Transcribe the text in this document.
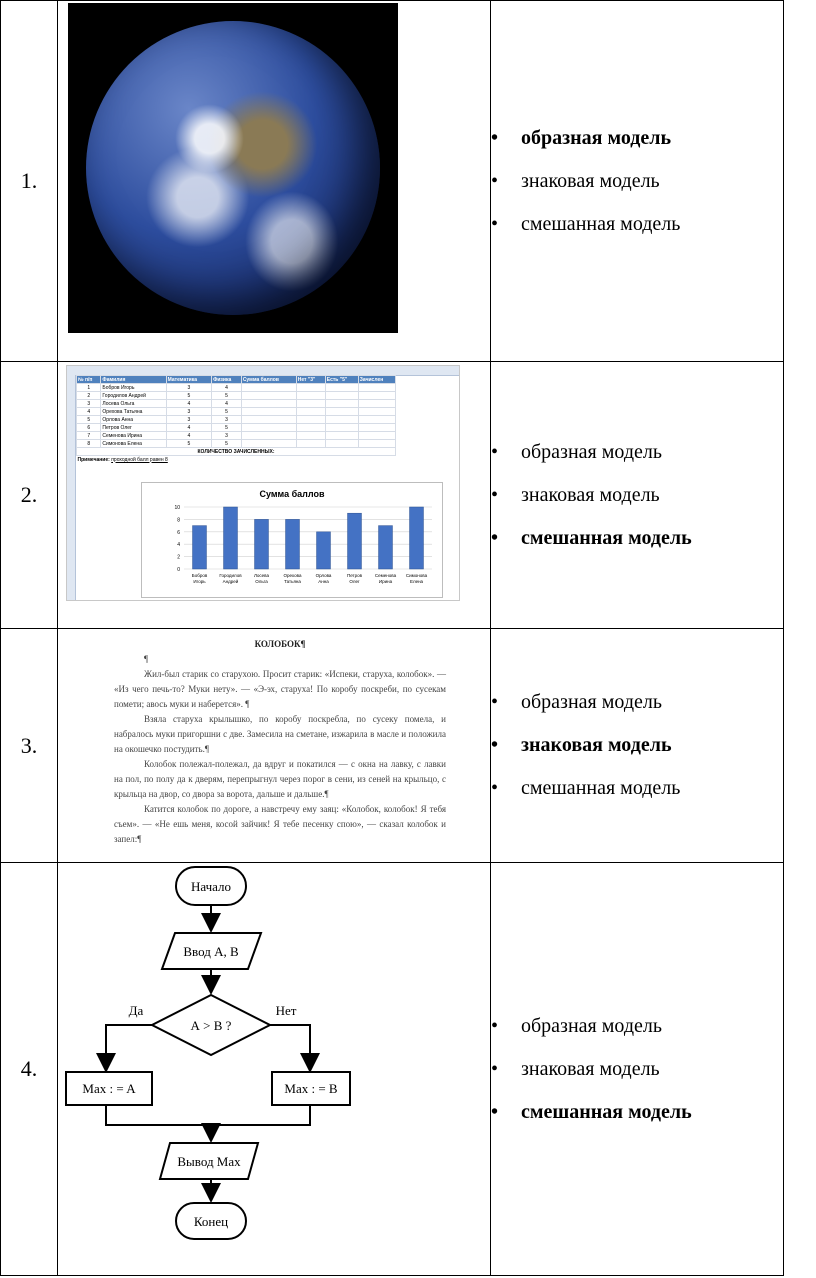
1.	

• образная модель
• знаковая модель
• смешанная модель

2.	
№ п/п	Фамилия	Математика	Физика	Сумма баллов	Нет "3"	Есть "5"	Зачислен
1	Бобров Игорь	3	4				
2	Городилов Андрей	5	5				
3	Лосева Ольга	4	4				
4	Орехова Татьяна	3	5				
5	Орлова Анна	3	3				
6	Петров Олег	4	5				
7	Семенова Ирина	4	3				
8	Симонова Елена	5	5				
КОЛИЧЕСТВО ЗАЧИСЛЕННЫХ:
Примечание: проходной балл равен 8
Сумма баллов
0
2
4
6
8
10
Бобров
Игорь
Городилов
Андрей
Лосева
Ольга
Орехова
Татьяна
Орлова
Анна
Петров
Олег
Семенова
Ирина
Симонова
Елена

• образная модель
• знаковая модель
• смешанная модель

3.	
КОЛОБОК¶

¶

Жил-был старик со старухою. Просит старик: «Испеки, старуха, колобок». — «Из чего печь-то? Муки нету». — «Э-эх, старуха! По коробу поскреби, по сусекам помети; авось муки и наберется». ¶

Взяла старуха крылышко, по коробу поскребла, по сусеку помела, и набралось муки пригоршни с две. Замесила на сметане, изжарила в масле и положила на окошечко постудить.¶

Колобок полежал-полежал, да вдруг и покатился — с окна на лавку, с лавки на пол, по полу да к дверям, перепрыгнул через порог в сени, из сеней на крыльцо, с крыльца на двор, со двора за ворота, дальше и дальше.¶

Катится колобок по дороге, а навстречу ему заяц: «Колобок, колобок! Я тебя съем». — «Не ешь меня, косой зайчик! Я тебе песенку спою», — сказал колобок и запел:¶

• образная модель
• знаковая модель
• смешанная модель

4.	
Начало
Ввод А, В
А > В ?
Да	Нет
Max : = A	Max : = B
Вывод Max
Конец

• образная модель
• знаковая модель
• смешанная модель
